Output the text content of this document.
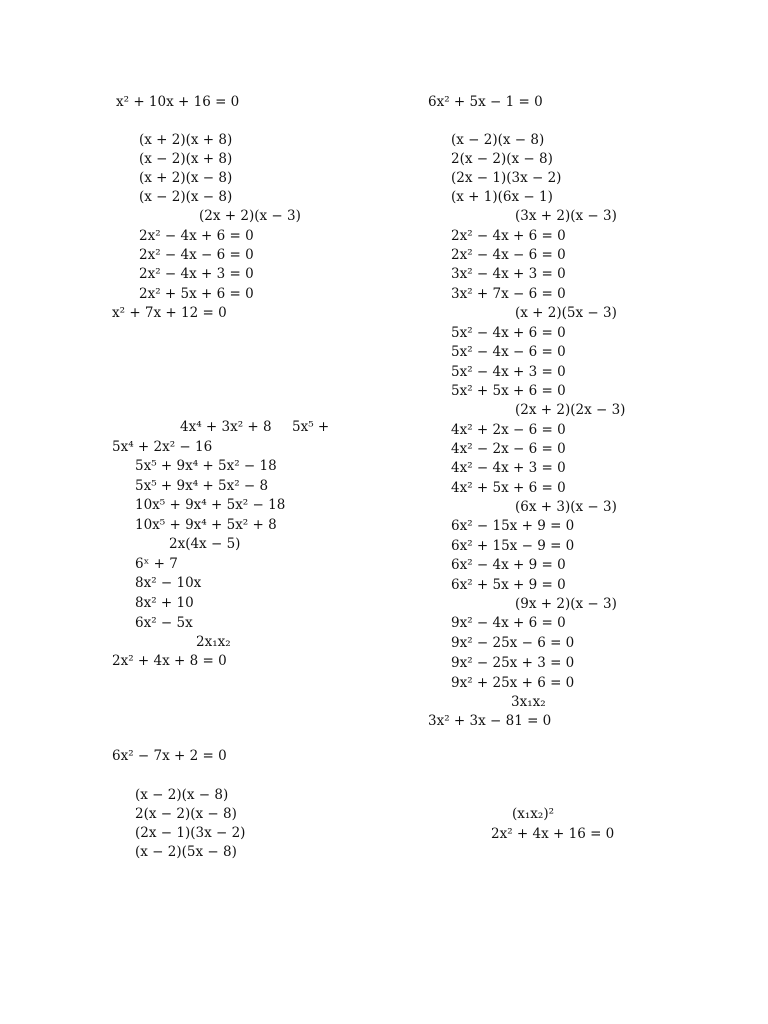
x² + 10x + 16 = 0
(x + 2)(x + 8)
(x − 2)(x + 8)
(x + 2)(x − 8)
(x − 2)(x − 8)
(2x + 2)(x − 3)
2x² − 4x + 6 = 0
2x² − 4x − 6 = 0
2x² − 4x + 3 = 0
2x² + 5x + 6 = 0
x² + 7x + 12 = 0
4x⁴ + 3x² + 8 5x⁵ +
5x⁴ + 2x² − 16
5x⁵ + 9x⁴ + 5x² − 18
5x⁵ + 9x⁴ + 5x² − 8
10x⁵ + 9x⁴ + 5x² − 18
10x⁵ + 9x⁴ + 5x² + 8
2x(4x − 5)
6ˣ + 7
8x² − 10x
8x² + 10
6x² − 5x
2x₁x₂
2x² + 4x + 8 = 0
6x² − 7x + 2 = 0
(x − 2)(x − 8)
2(x − 2)(x − 8)
(2x − 1)(3x − 2)
(x − 2)(5x − 8)
6x² + 5x − 1 = 0
(x − 2)(x − 8)
2(x − 2)(x − 8)
(2x − 1)(3x − 2)
(x + 1)(6x − 1)
(3x + 2)(x − 3)
2x² − 4x + 6 = 0
2x² − 4x − 6 = 0
3x² − 4x + 3 = 0
3x² + 7x − 6 = 0
(x + 2)(5x − 3)
5x² − 4x + 6 = 0
5x² − 4x − 6 = 0
5x² − 4x + 3 = 0
5x² + 5x + 6 = 0
(2x + 2)(2x − 3)
4x² + 2x − 6 = 0
4x² − 2x − 6 = 0
4x² − 4x + 3 = 0
4x² + 5x + 6 = 0
(6x + 3)(x − 3)
6x² − 15x + 9 = 0
6x² + 15x − 9 = 0
6x² − 4x + 9 = 0
6x² + 5x + 9 = 0
(9x + 2)(x − 3)
9x² − 4x + 6 = 0
9x² − 25x − 6 = 0
9x² − 25x + 3 = 0
9x² + 25x + 6 = 0
3x₁x₂
3x² + 3x − 81 = 0
(x₁x₂)²
2x² + 4x + 16 = 0
